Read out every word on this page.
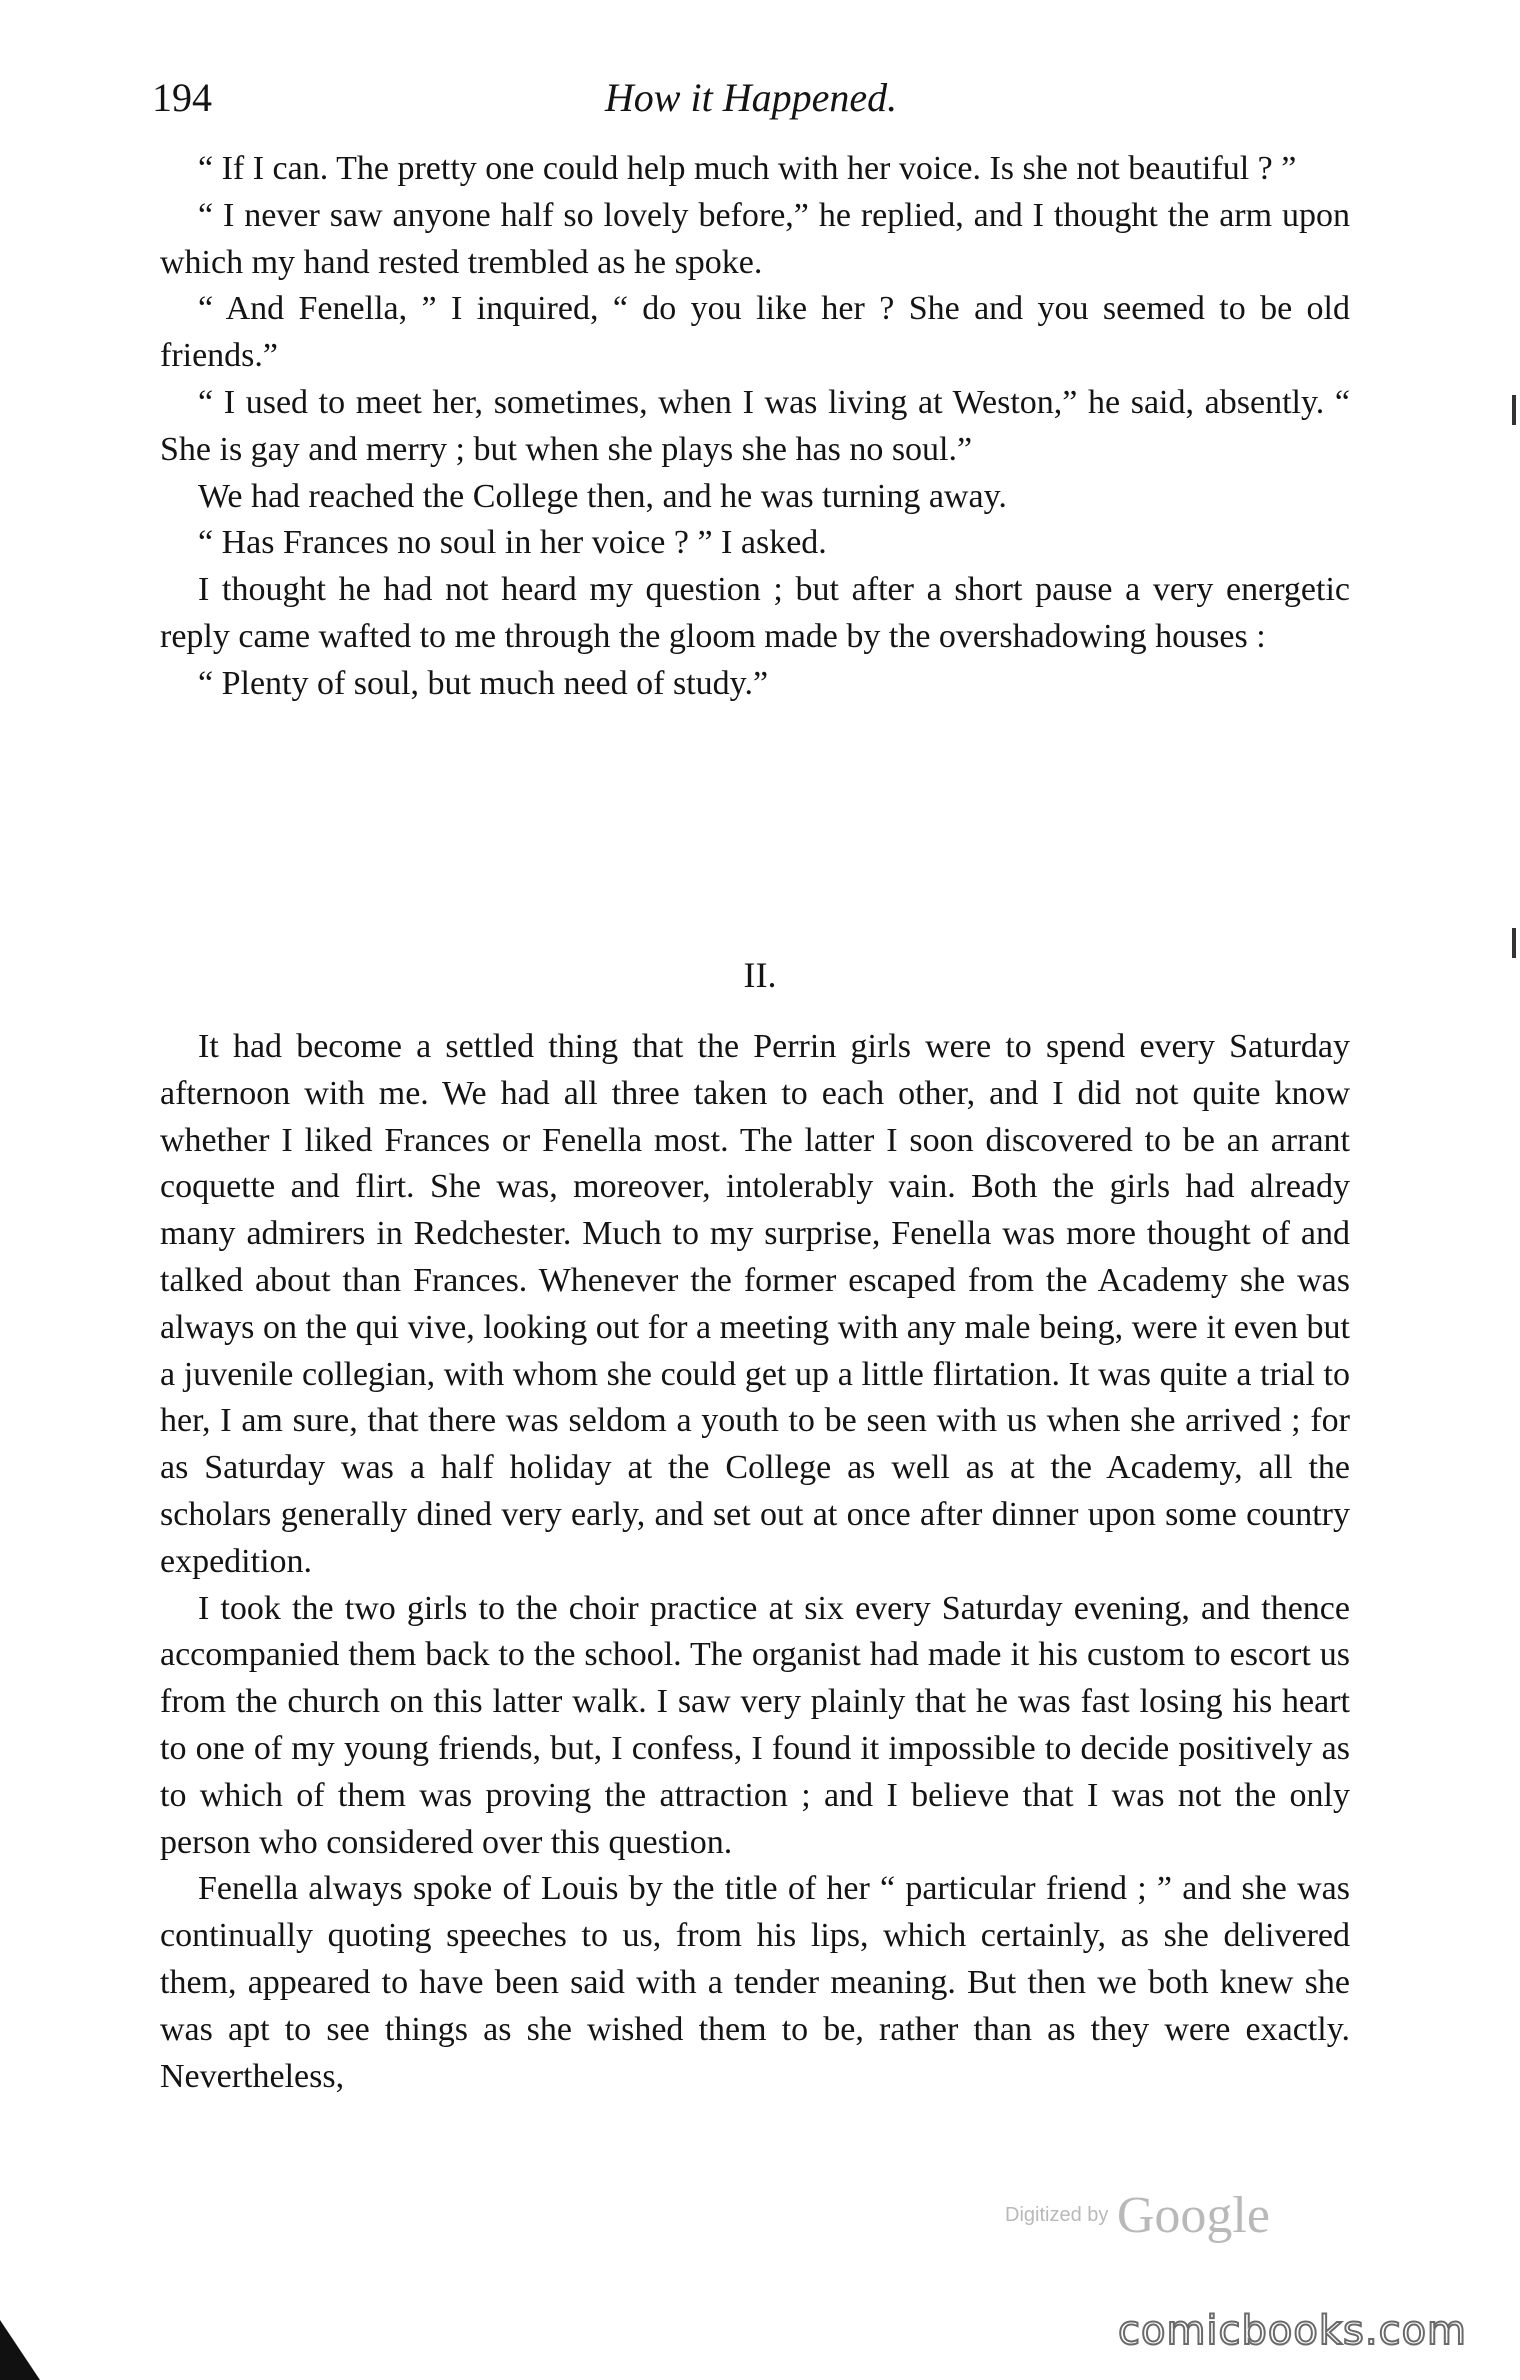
194	How it Happened.

“ If I can. The pretty one could help much with her voice. Is she not beautiful ? ”

“ I never saw anyone half so lovely before,” he replied, and I thought the arm upon which my hand rested trembled as he spoke.

“ And Fenella, ” I inquired, “ do you like her ? She and you seemed to be old friends.”

“ I used to meet her, sometimes, when I was living at Weston,” he said, absently. “ She is gay and merry ; but when she plays she has no soul.”

We had reached the College then, and he was turning away.

“ Has Frances no soul in her voice ? ” I asked.

I thought he had not heard my question ; but after a short pause a very energetic reply came wafted to me through the gloom made by the overshadowing houses :

“ Plenty of soul, but much need of study.”

II.

It had become a settled thing that the Perrin girls were to spend every Saturday afternoon with me. We had all three taken to each other, and I did not quite know whether I liked Frances or Fenella most. The latter I soon discovered to be an arrant coquette and flirt. She was, moreover, intolerably vain. Both the girls had already many admirers in Redchester. Much to my surprise, Fenella was more thought of and talked about than Frances. Whenever the former escaped from the Academy she was always on the qui vive, looking out for a meeting with any male being, were it even but a juvenile collegian, with whom she could get up a little flirtation. It was quite a trial to her, I am sure, that there was seldom a youth to be seen with us when she arrived ; for as Saturday was a half holiday at the College as well as at the Academy, all the scholars generally dined very early, and set out at once after dinner upon some country expedition.

I took the two girls to the choir practice at six every Saturday evening, and thence accompanied them back to the school. The organist had made it his custom to escort us from the church on this latter walk. I saw very plainly that he was fast losing his heart to one of my young friends, but, I confess, I found it impossible to decide positively as to which of them was proving the attraction ; and I believe that I was not the only person who considered over this question.

Fenella always spoke of Louis by the title of her “ particular friend ; ” and she was continually quoting speeches to us, from his lips, which certainly, as she delivered them, appeared to have been said with a tender meaning. But then we both knew she was apt to see things as she wished them to be, rather than as they were exactly. Nevertheless,

Digitized by Google
comicbooks.com
